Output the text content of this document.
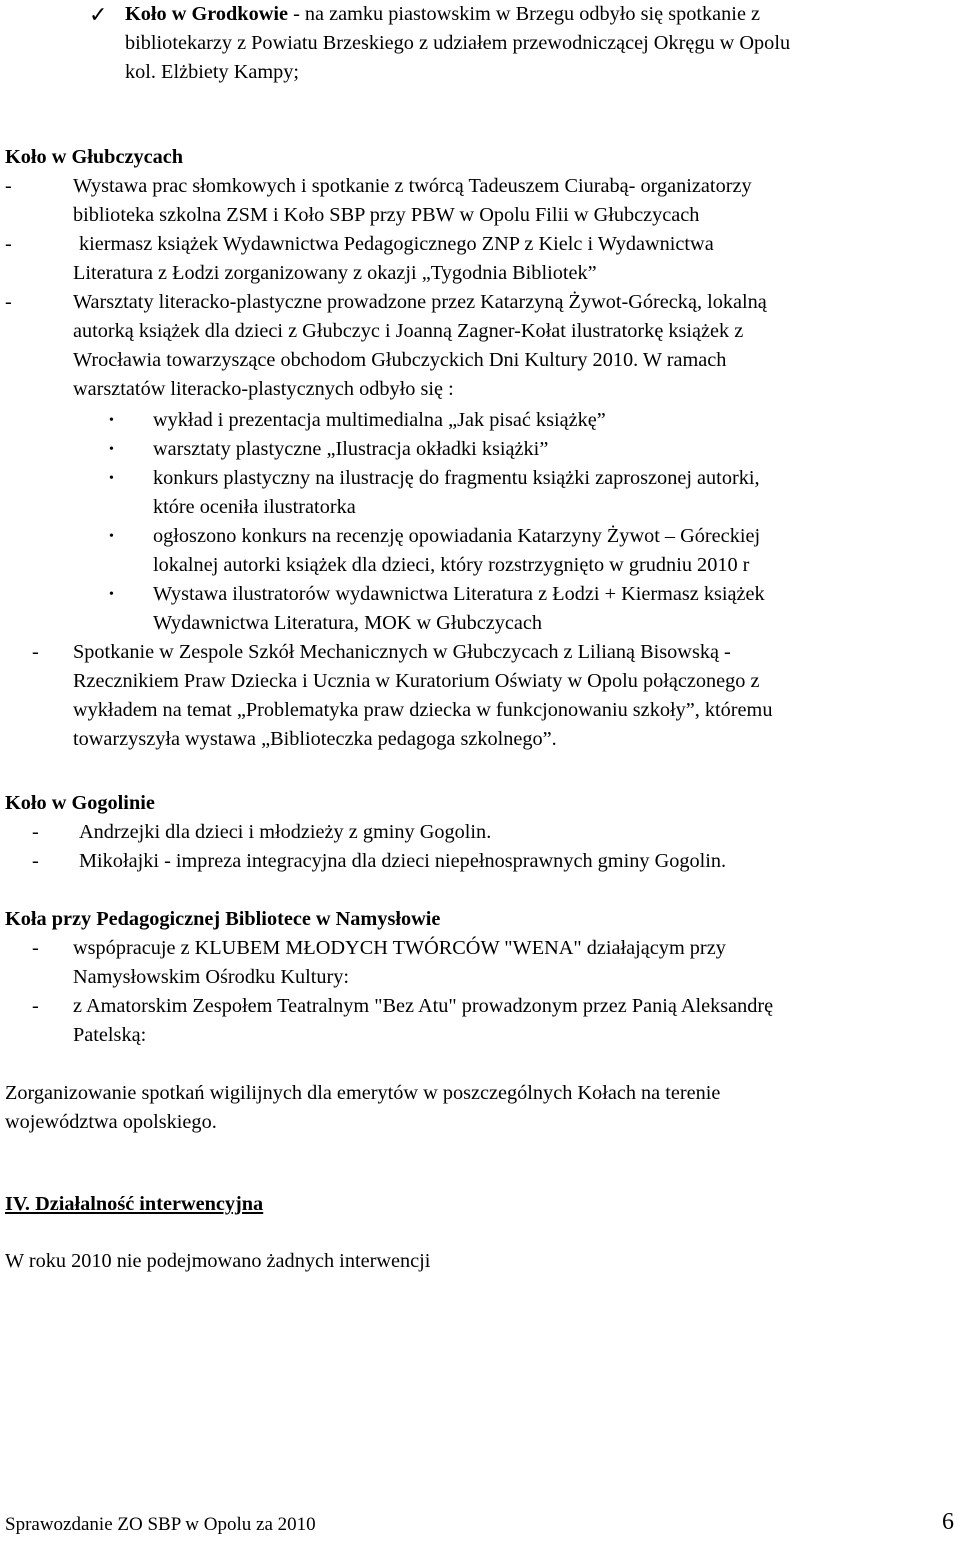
✓ Koło w Grodkowie - na zamku piastowskim w Brzegu odbyło się spotkanie z
bibliotekarzy z Powiatu Brzeskiego z udziałem przewodniczącej Okręgu w Opolu
kol. Elżbiety Kampy;
Koło w Głubczycach
-	Wystawa prac słomkowych i spotkanie z twórcą Tadeuszem Ciurabą- organizatorzy
biblioteka szkolna ZSM i Koło SBP przy PBW w Opolu Filii w Głubczycach
-	kiermasz książek Wydawnictwa Pedagogicznego ZNP z Kielc i Wydawnictwa
Literatura z Łodzi zorganizowany z okazji „Tygodnia Bibliotek”
-	Warsztaty literacko-plastyczne prowadzone przez Katarzyną Żywot-Górecką, lokalną
autorką książek dla dzieci z Głubczyc i Joanną Zagner-Kołat ilustratorkę książek z
Wrocławia towarzyszące obchodom Głubczyckich Dni Kultury 2010. W ramach
warsztatów literacko-plastycznych odbyło się :
• wykład i prezentacja multimedialna „Jak pisać książkę”
• warsztaty plastyczne „Ilustracja okładki książki”
• konkurs plastyczny na ilustrację do fragmentu książki zaproszonej autorki,
które oceniła ilustratorka
• ogłoszono konkurs na recenzję opowiadania Katarzyny Żywot – Góreckiej
lokalnej autorki książek dla dzieci, który rozstrzygnięto w grudniu 2010 r
• Wystawa ilustratorów wydawnictwa Literatura z Łodzi + Kiermasz książek
Wydawnictwa Literatura, MOK w Głubczycach
- Spotkanie w Zespole Szkół Mechanicznych w Głubczycach z Lilianą Bisowską -
Rzecznikiem Praw Dziecka i Ucznia w Kuratorium Oświaty w Opolu połączonego z
wykładem na temat „Problematyka praw dziecka w funkcjonowaniu szkoły”, któremu
towarzyszyła wystawa „Biblioteczka pedagoga szkolnego”.
Koło w Gogolinie
- Andrzejki dla dzieci i młodzieży z gminy Gogolin.
- Mikołajki - impreza integracyjna dla dzieci niepełnosprawnych gminy Gogolin.
Koła przy Pedagogicznej Bibliotece w Namysłowie
- wspópracuje z KLUBEM MŁODYCH TWÓRCÓW "WENA" działającym przy
Namysłowskim Ośrodku Kultury:
- z Amatorskim Zespołem Teatralnym "Bez Atu" prowadzonym przez Panią Aleksandrę
Patelską:
Zorganizowanie spotkań wigilijnych dla emerytów w poszczególnych Kołach na terenie
województwa opolskiego.
IV. Działalność interwencyjna
W roku 2010 nie podejmowano żadnych interwencji
Sprawozdanie ZO SBP w Opolu za 2010	6
